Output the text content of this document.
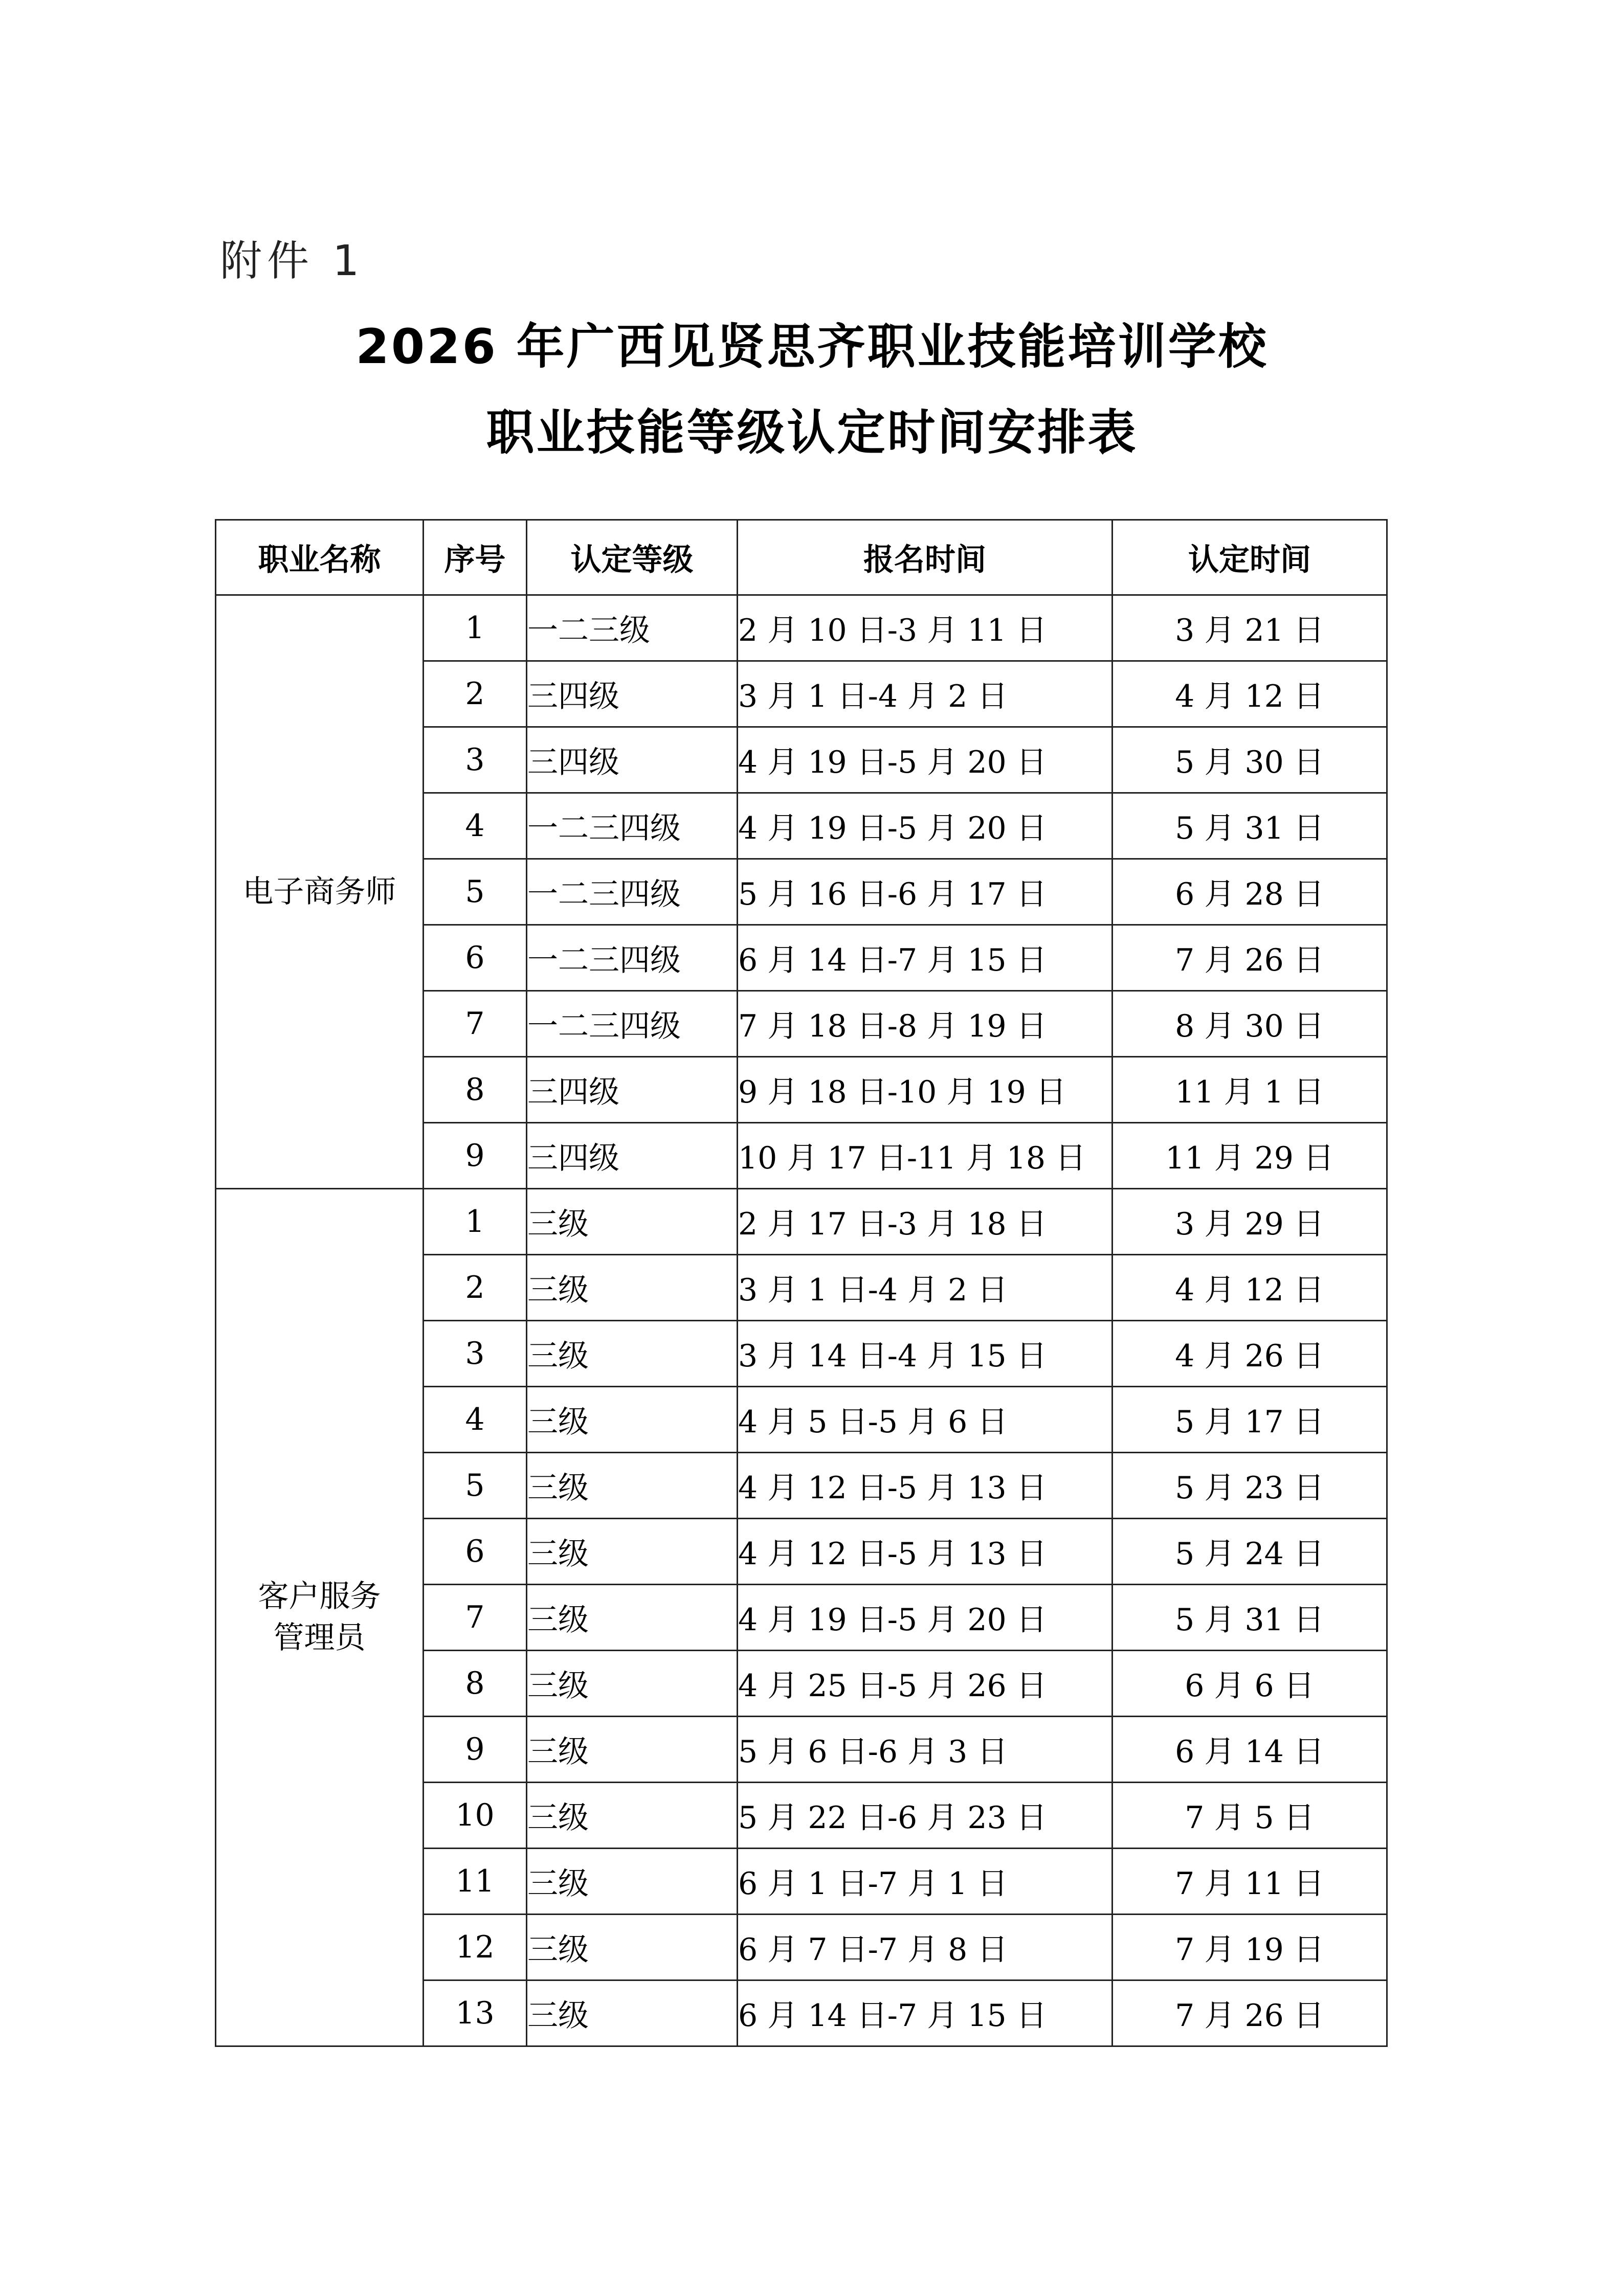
附件 1
2026 年广西见贤思齐职业技能培训学校
职业技能等级认定时间安排表
职业名称	序号	认定等级	报名时间	认定时间

电子商务师	1	一二三级	2 月 10 日-3 月 11 日	3 月 21 日
	2	三四级	3 月 1 日-4 月 2 日	4 月 12 日
	3	三四级	4 月 19 日-5 月 20 日	5 月 30 日
	4	一二三四级	4 月 19 日-5 月 20 日	5 月 31 日
	5	一二三四级	5 月 16 日-6 月 17 日	6 月 28 日
	6	一二三四级	6 月 14 日-7 月 15 日	7 月 26 日
	7	一二三四级	7 月 18 日-8 月 19 日	8 月 30 日
	8	三四级	9 月 18 日-10 月 19 日	11 月 1 日
	9	三四级	10 月 17 日-11 月 18 日	11 月 29 日

客户服务
管理员	1	三级	2 月 17 日-3 月 18 日	3 月 29 日
	2	三级	3 月 1 日-4 月 2 日	4 月 12 日
	3	三级	3 月 14 日-4 月 15 日	4 月 26 日
	4	三级	4 月 5 日-5 月 6 日	5 月 17 日
	5	三级	4 月 12 日-5 月 13 日	5 月 23 日
	6	三级	4 月 12 日-5 月 13 日	5 月 24 日
	7	三级	4 月 19 日-5 月 20 日	5 月 31 日
	8	三级	4 月 25 日-5 月 26 日	6 月 6 日
	9	三级	5 月 6 日-6 月 3 日	6 月 14 日
	10	三级	5 月 22 日-6 月 23 日	7 月 5 日
	11	三级	6 月 1 日-7 月 1 日	7 月 11 日
	12	三级	6 月 7 日-7 月 8 日	7 月 19 日
	13	三级	6 月 14 日-7 月 15 日	7 月 26 日
